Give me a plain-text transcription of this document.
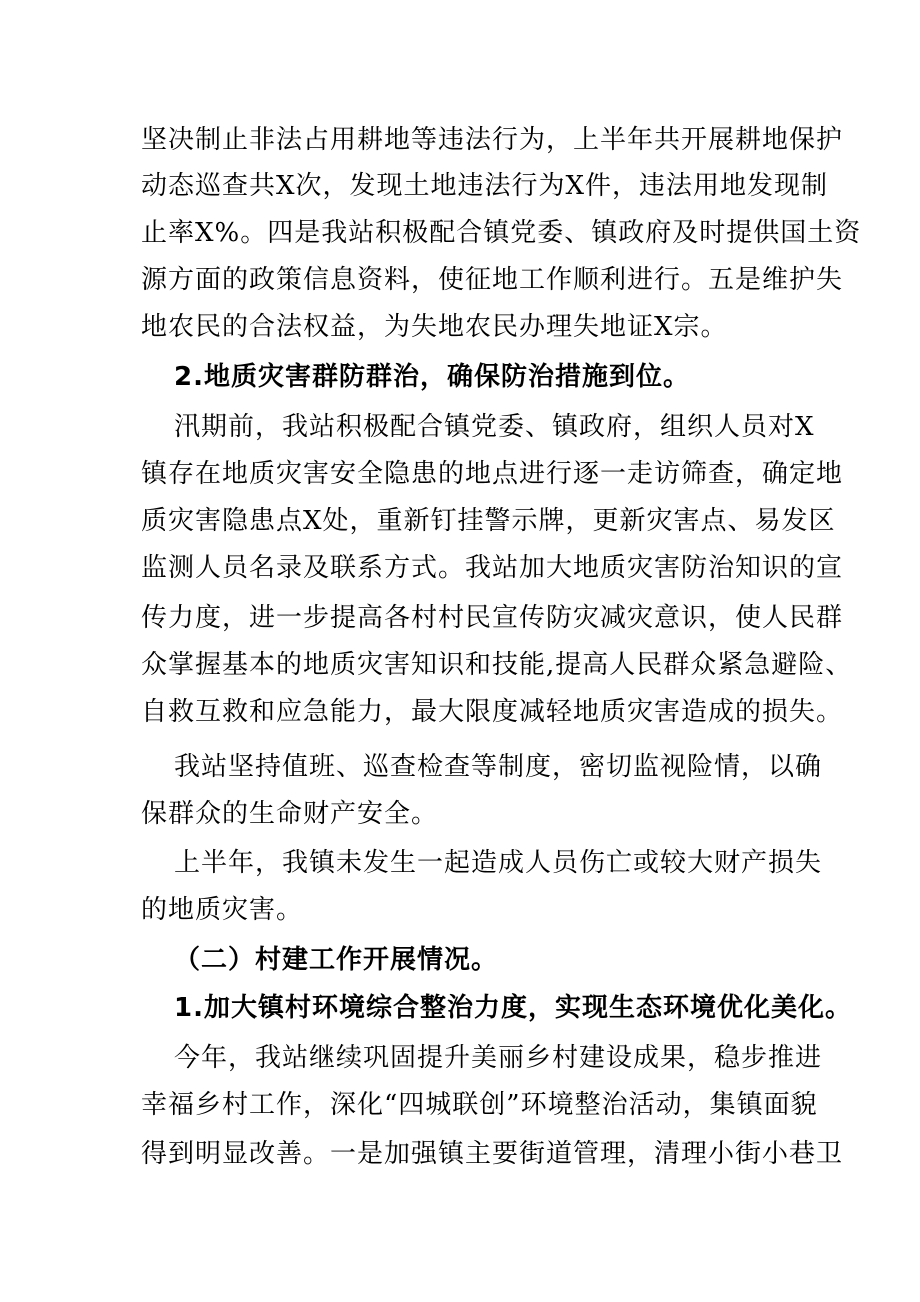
坚决制止非法占用耕地等违法行为，上半年共开展耕地保护
动态巡查共X次，发现土地违法行为X件，违法用地发现制
止率X%。四是我站积极配合镇党委、镇政府及时提供国土资
源方面的政策信息资料，使征地工作顺利进行。五是维护失
地农民的合法权益，为失地农民办理失地证X宗。
2.地质灾害群防群治，确保防治措施到位。
汛期前，我站积极配合镇党委、镇政府，组织人员对X
镇存在地质灾害安全隐患的地点进行逐一走访筛查，确定地
质灾害隐患点X处，重新钉挂警示牌，更新灾害点、易发区
监测人员名录及联系方式。我站加大地质灾害防治知识的宣
传力度，进一步提高各村村民宣传防灾减灾意识，使人民群
众掌握基本的地质灾害知识和技能,提高人民群众紧急避险、
自救互救和应急能力，最大限度减轻地质灾害造成的损失。
我站坚持值班、巡查检查等制度，密切监视险情，以确
保群众的生命财产安全。
上半年，我镇未发生一起造成人员伤亡或较大财产损失
的地质灾害。
（二）村建工作开展情况。
1.加大镇村环境综合整治力度，实现生态环境优化美化。
今年，我站继续巩固提升美丽乡村建设成果，稳步推进
幸福乡村工作，深化“四城联创”环境整治活动，集镇面貌
得到明显改善。一是加强镇主要街道管理，清理小街小巷卫
